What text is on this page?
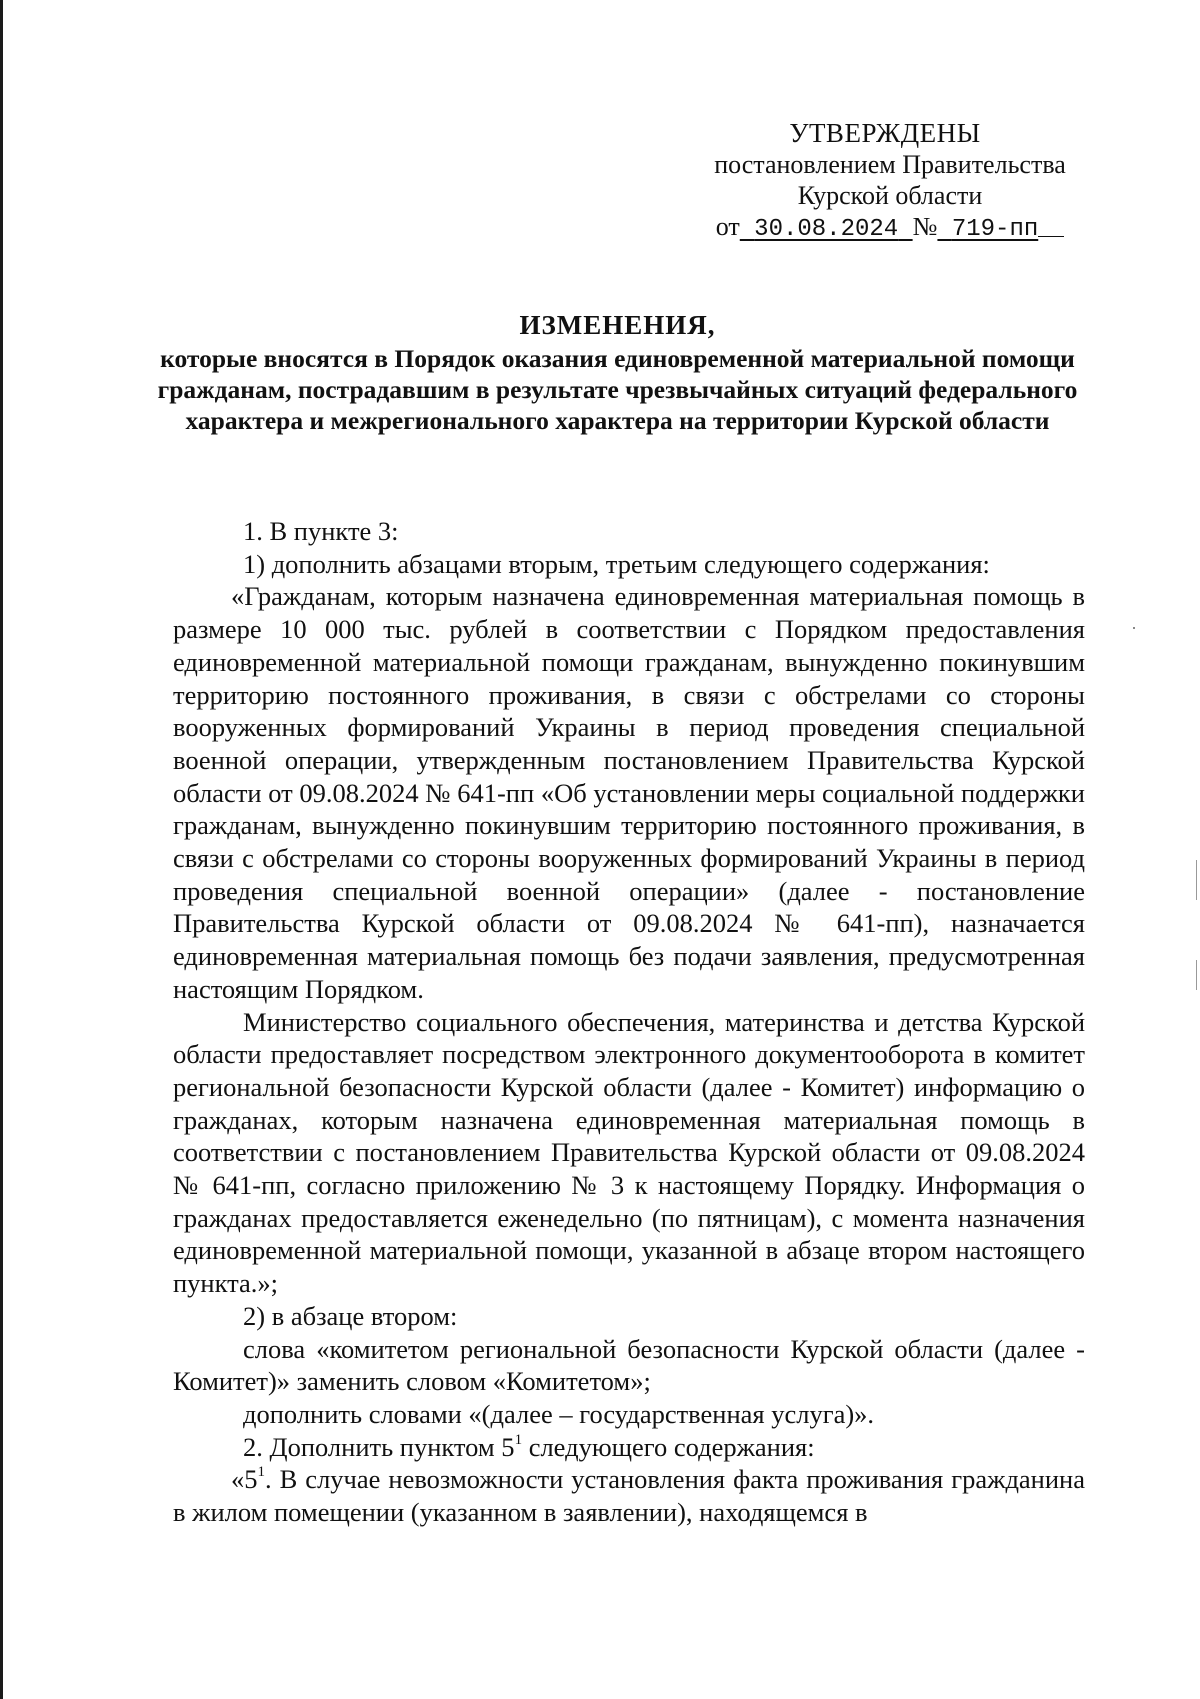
УТВЕРЖДЕНЫ
постановлением Правительства
Курской области
от 30.08.2024 № 719-пп
ИЗМЕНЕНИЯ,
которые вносятся в Порядок оказания единовременной материальной помощи гражданам, пострадавшим в результате чрезвычайных ситуаций федерального характера и межрегионального характера на территории Курской области

1. В пункте 3:

1) дополнить абзацами вторым, третьим следующего содержания:

«Гражданам, которым назначена единовременная материальная помощь в размере 10 000 тыс. рублей в соответствии с Порядком предоставления единовременной материальной помощи гражданам, вынужденно покинувшим территорию постоянного проживания, в связи с обстрелами со стороны вооруженных формирований Украины в период проведения специальной военной операции, утвержденным постановлением Правительства Курской области от 09.08.2024 № 641-пп «Об установлении меры социальной поддержки гражданам, вынужденно покинувшим территорию постоянного проживания, в связи с обстрелами со стороны вооруженных формирований Украины в период проведения специальной военной операции» (далее - постановление Правительства Курской области от 09.08.2024 № 641-пп), назначается единовременная материальная помощь без подачи заявления, предусмотренная настоящим Порядком.

Министерство социального обеспечения, материнства и детства Курской области предоставляет посредством электронного документооборота в комитет региональной безопасности Курской области (далее - Комитет) информацию о гражданах, которым назначена единовременная материальная помощь в соответствии с постановлением Правительства Курской области от 09.08.2024 № 641-пп, согласно приложению № 3 к настоящему Порядку. Информация о гражданах предоставляется еженедельно (по пятницам), с момента назначения единовременной материальной помощи, указанной в абзаце втором настоящего пункта.»;

2) в абзаце втором:

слова «комитетом региональной безопасности Курской области (далее - Комитет)» заменить словом «Комитетом»;

дополнить словами «(далее – государственная услуга)».

2. Дополнить пунктом $5^1$ следующего содержания:

«$5^1$. В случае невозможности установления факта проживания гражданина в жилом помещении (указанном в заявлении), находящемся в
